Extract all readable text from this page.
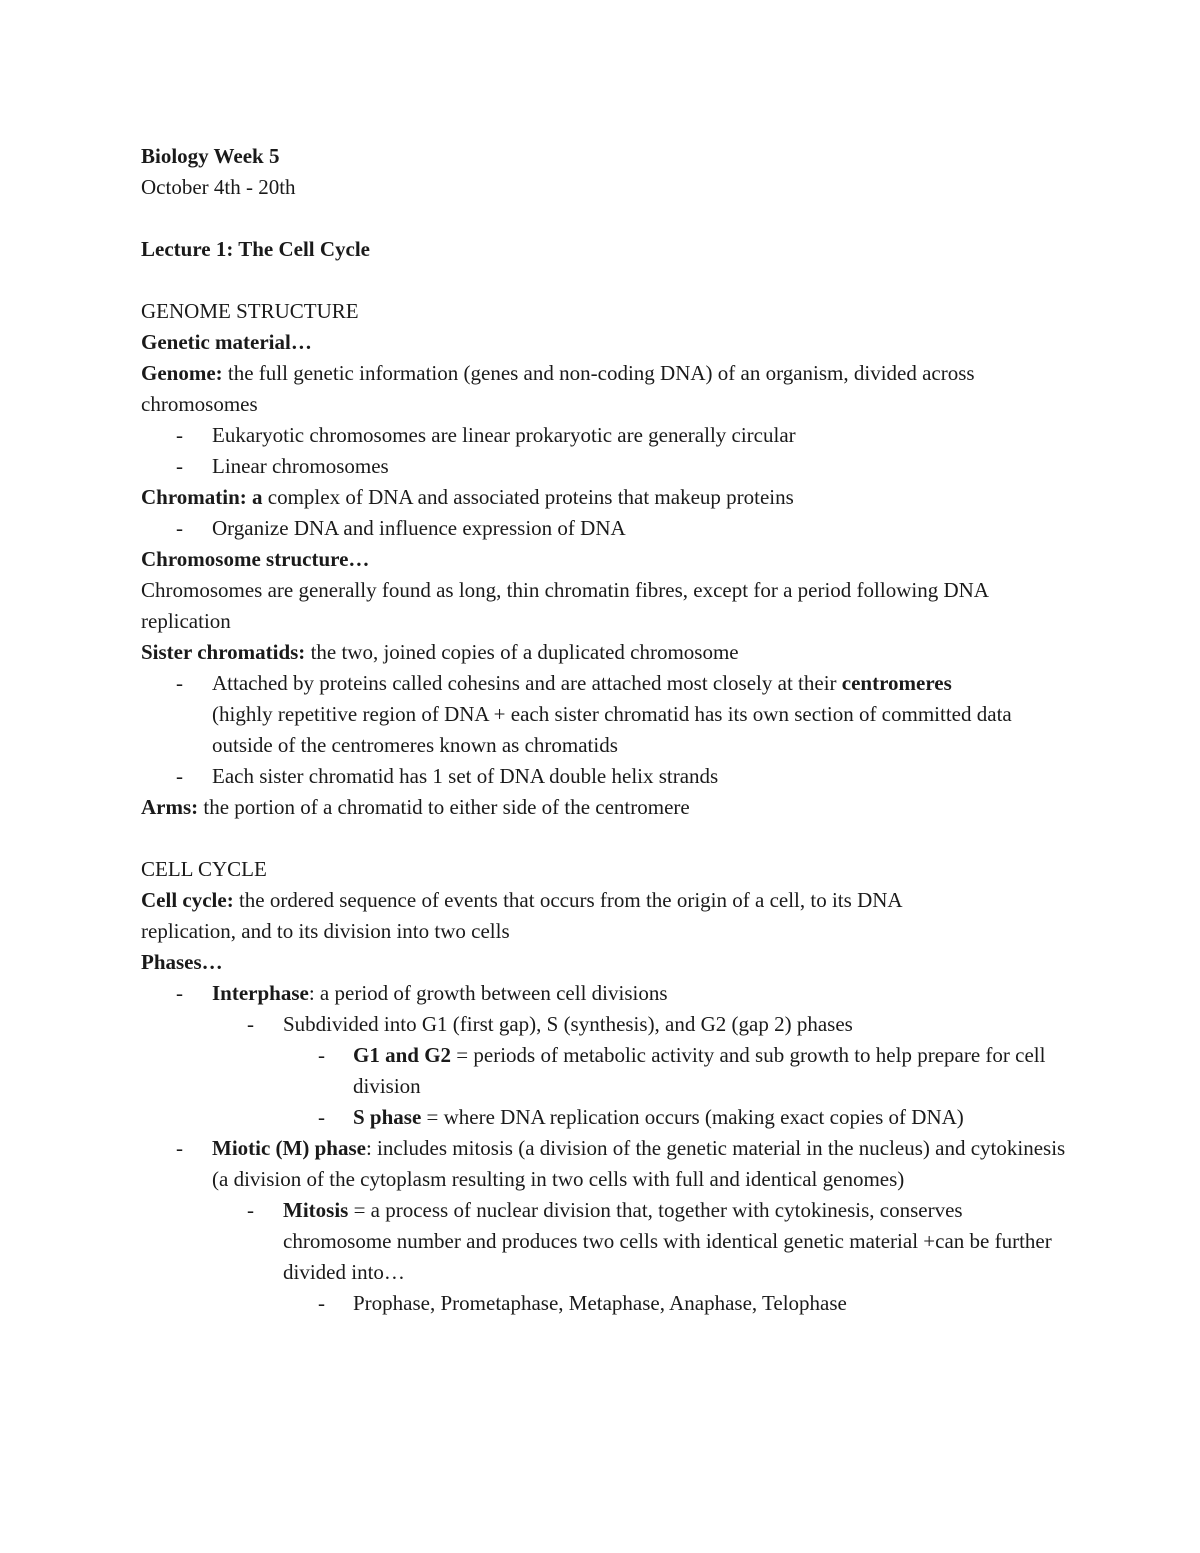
Biology Week 5
October 4th - 20th
Lecture 1: The Cell Cycle
GENOME STRUCTURE
Genetic material…
Genome: the full genetic information (genes and non-coding DNA) of an organism, divided across chromosomes
- Eukaryotic chromosomes are linear prokaryotic are generally circular
- Linear chromosomes
Chromatin: a complex of DNA and associated proteins that makeup proteins
- Organize DNA and influence expression of DNA
Chromosome structure…
Chromosomes are generally found as long, thin chromatin fibres, except for a period following DNA replication
Sister chromatids: the two, joined copies of a duplicated chromosome
- Attached by proteins called cohesins and are attached most closely at their centromeres (highly repetitive region of DNA + each sister chromatid has its own section of committed data outside of the centromeres known as chromatids
- Each sister chromatid has 1 set of DNA double helix strands
Arms: the portion of a chromatid to either side of the centromere
CELL CYCLE
Cell cycle: the ordered sequence of events that occurs from the origin of a cell, to its DNA replication, and to its division into two cells
Phases…
- Interphase: a period of growth between cell divisions
- Subdivided into G1 (first gap), S (synthesis), and G2 (gap 2) phases
- G1 and G2 = periods of metabolic activity and sub growth to help prepare for cell division
- S phase = where DNA replication occurs (making exact copies of DNA)
- Miotic (M) phase: includes mitosis (a division of the genetic material in the nucleus) and cytokinesis (a division of the cytoplasm resulting in two cells with full and identical genomes)
- Mitosis = a process of nuclear division that, together with cytokinesis, conserves chromosome number and produces two cells with identical genetic material +can be further divided into…
- Prophase, Prometaphase, Metaphase, Anaphase, Telophase
